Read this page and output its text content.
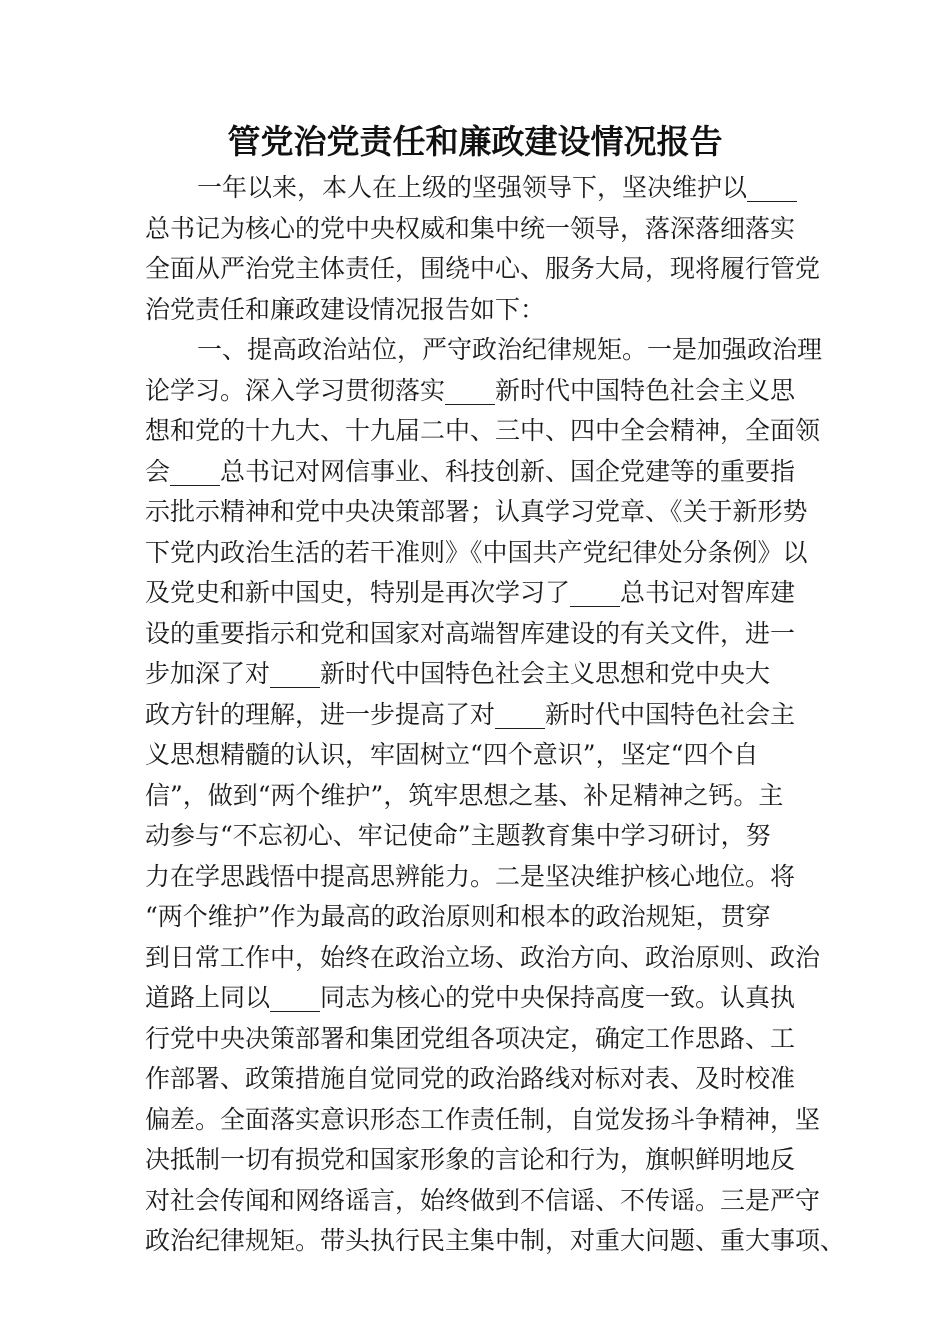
管党治党责任和廉政建设情况报告
一年以来，本人在上级的坚强领导下，坚决维护以____
总书记为核心的党中央权威和集中统一领导，落深落细落实
全面从严治党主体责任，围绕中心、服务大局，现将履行管党
治党责任和廉政建设情况报告如下：
一、提高政治站位，严守政治纪律规矩。一是加强政治理
论学习。深入学习贯彻落实____新时代中国特色社会主义思
想和党的十九大、十九届二中、三中、四中全会精神，全面领
会____总书记对网信事业、科技创新、国企党建等的重要指
示批示精神和党中央决策部署；认真学习党章、《关于新形势
下党内政治生活的若干准则》《中国共产党纪律处分条例》以
及党史和新中国史，特别是再次学习了____总书记对智库建
设的重要指示和党和国家对高端智库建设的有关文件，进一
步加深了对____新时代中国特色社会主义思想和党中央大
政方针的理解，进一步提高了对____新时代中国特色社会主
义思想精髓的认识，牢固树立“四个意识”，坚定“四个自
信”，做到“两个维护”，筑牢思想之基、补足精神之钙。主
动参与“不忘初心、牢记使命”主题教育集中学习研讨，努
力在学思践悟中提高思辨能力。二是坚决维护核心地位。将
“两个维护”作为最高的政治原则和根本的政治规矩，贯穿
到日常工作中，始终在政治立场、政治方向、政治原则、政治
道路上同以____同志为核心的党中央保持高度一致。认真执
行党中央决策部署和集团党组各项决定，确定工作思路、工
作部署、政策措施自觉同党的政治路线对标对表、及时校准
偏差。全面落实意识形态工作责任制，自觉发扬斗争精神，坚
决抵制一切有损党和国家形象的言论和行为，旗帜鲜明地反
对社会传闻和网络谣言，始终做到不信谣、不传谣。三是严守
政治纪律规矩。带头执行民主集中制，对重大问题、重大事项、
